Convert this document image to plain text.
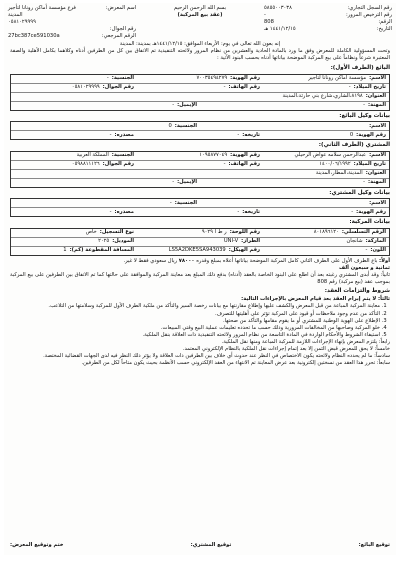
رقم السجل التجاري:
٥٨٥٥٠٠٣٠٣٨
رقم الترخيص المرور:
-
الرقم:
808
التاريخ:
١٤٤١/١٢/١٥ هـ
بسم الله الرحمن الرحيم
(عقد بيع المركبة)
اسم المعرض:
فرع مؤسسة أماكن رونانا لتأجير
المدينة
٠٥٨١٠٢٩٩٩٩
رقم الجوال:
الرقم المرجعي:
27bc387ce591030a
إنه بعون الله تعالى في يوم: الأربعاء الموافق: ١٤٤١/١٢/١٥هـ بمدينة: المدينة
وتحت المسؤولية الكاملة للمعرض وفق ما ورد بالمادة الحادية والعشرين من نظام المرور ولائحته التنفيذية تم الاتفاق بين كل من الطرفين أدناه وكلاهما بكامل الأهلية والصفة المعتبرة شرعاً ونظاماً على بيع المركبة الموضحة بياناتها أدناه بحسب البنود الآتية :
البائع (الطرف الأول):
الاسم:
مؤسسة أماكن رونانا لتأجير
رقم الهوية:
٧٠٠٣٥٤٩٤٢٧٩
الجنسية:
-
تاريخ الميلاد:
-
رقم الهاتف:
-
رقم الجوال:
٠٥٨١٠٢٩٩٩٩
العنوان:
٨١٩٨،الشاري،شارع بني حارثة،المدينة
المهنة:
-
الإيميل:
-
بيانات وكيل البائع:
الاسم:
الجنسية:
0
رقم الهوية:
0
تاريخه:
-
مصدره:
-
المشتري (الطرف الثاني):
الاسم:
عبدالرحمن سلامه عواض الرحيلي
رقم الهوية:
١٠٩٥٨٧٧٠٤٩
الجنسية:
المملكة العربية
تاريخ الميلاد:
١٤٠٠/٠٦/١٩٩٢
رقم الهاتف:
-
رقم الجوال:
٠٥٩٨٨١١١٢٦
العنوان:
المدينة،المطار،المدينة
المهنة:
-
الإيميل:
-
بيانات وكيل المشتري:
الاسم:
الجنسية:
-
رقم الهوية:
-
تاريخه:
-
مصدره:
-
بيانات المركبة:
الرقم التسلسلي:
٨٠١٨٩٦١٢٠
رقم اللوحة:
ر ط ا ٩٠٢٩
نوع التسجيل:
خاص
الماركة:
شانجان
الطراز:
UNI-V
الموديل:
٢٠٢٥
اللون:
-
رقم الهيكل:
LS5A2DKE5SA943039
المسافة المقطوعة (كم):
1
أولاً: باع الطرف الأول على الطرف الثاني كامل المركبة الموضحة بياناتها أعلاه بمبلغ وقدره ٧٨٠٠٠ ريال سعودي فقط لا غير.
ثمانية و سبعون ألف
ثانياً: وقد أبدى المشتري رغبته بعد أن اطلع على البنود الخاصة بالعقد (أدناه) بدفع ذلك المبلغ بعد معاينة المركبة والموافقة على حالتها كما تم الاتفاق بين الطرفين على بيع المركبة بموجب عقد (بيع مركبة) رقم 808
شروط والتزامات العقد:
ثالثاً: لا يتم إبرام العقد بعد قيام المعرض بالإجراءات التالية:
1. معاينة المركبة المباعة من قبل المعرض والكشف عليها وإطلاع مقارنتها مع بيانات رخصة السير والتأكد من ملكية الطرف الأول للمركبة وسلامتها من التلاعب.
2. التأكد من عدم وجود ملاحظات أو قيود على المركبة تؤثر على أهليتها للتصرف.
3. الإطلاع على الهوية الوطنية للمشتري أو ما يقوم مقامها والتأكد من صحتها.
4. خلو المركبة وصاحبها من المخالفات المرورية وذلك حسب ما تحدده تعليمات عملية البيع وقتي المبيعات.
5. استيفاء الشروط والأحكام الواردة في المادة التاسعة من نظام المرور ولائحته التنفيذية ذات العلاقة بنقل الملكية.
رابعاً: يلتزم المعرض بإنهاء الإجراءات اللازمة للمركبة المباعة ومنها نقل الملكية.
خامساً: لا يحق للمعرض قبض الثمن إلا بعد إتمام إجراءات نقل الملكية بالنظام الإلكتروني المعتمد.
سادساً: ما لم يحدده النظام ولائحته يكون الاختصاص في النظر عند حدوث أي خلاف بين الطرفين ذات العلاقة ولا يؤثر ذلك النظر فيه لدى الجهات القضائية المختصة.
سابعاً: تحرر هذا العقد من نسختين إلكترونية بعد عرض المعاينة تم الانتهاء من العقد الإلكتروني حسب الأنظمة بحيث يكون متاحاً لكل من الطرفين.
توقيع البائع:
توقيع المشتري:
ختم وتوقيع المعرض:
